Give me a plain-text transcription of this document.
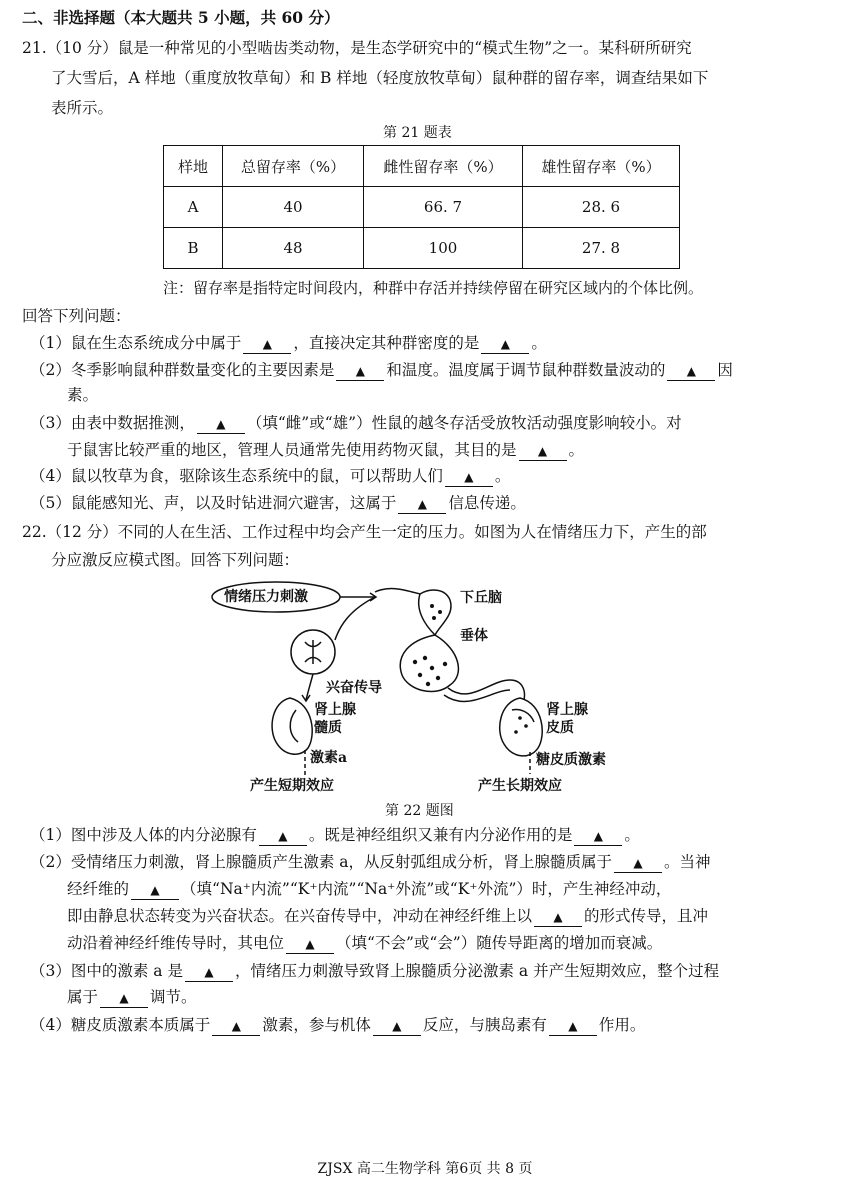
二、非选择题（本大题共 5 小题，共 60 分）
21.（10 分）鼠是一种常见的小型啮齿类动物，是生态学研究中的“模式生物”之一。某科研所研究
了大雪后，A 样地（重度放牧草甸）和 B 样地（轻度放牧草甸）鼠种群的留存率，调查结果如下
表所示。
第 21 题表
样地	总留存率（%）	雌性留存率（%）	雄性留存率（%）
A	40	66. 7	28. 6
B	48	100	27. 8
注：留存率是指特定时间段内，种群中存活并持续停留在研究区域内的个体比例。
回答下列问题：
（1）鼠在生态系统成分中属于 ▲ ，直接决定其种群密度的是 ▲ 。
（2）冬季影响鼠种群数量变化的主要因素是 ▲ 和温度。温度属于调节鼠种群数量波动的 ▲ 因
素。
（3）由表中数据推测， ▲ （填“雌”或“雄”）性鼠的越冬存活受放牧活动强度影响较小。对
于鼠害比较严重的地区，管理人员通常先使用药物灭鼠，其目的是 ▲ 。
（4）鼠以牧草为食，驱除该生态系统中的鼠，可以帮助人们 ▲ 。
（5）鼠能感知光、声，以及时钻进洞穴避害，这属于 ▲ 信息传递。
22.（12 分）不同的人在生活、工作过程中均会产生一定的压力。如图为人在情绪压力下，产生的部
分应激反应模式图。回答下列问题：
情绪压力刺激	下丘脑
垂体
兴奋传导
肾上腺
髓质
肾上腺
皮质
激素a	糖皮质激素
产生短期效应	产生长期效应
第 22 题图
（1）图中涉及人体的内分泌腺有 ▲ 。既是神经组织又兼有内分泌作用的是 ▲ 。
（2）受情绪压力刺激，肾上腺髓质产生激素 a，从反射弧组成分析，肾上腺髓质属于 ▲ 。当神
经纤维的 ▲ （填“Na⁺内流”“K⁺内流”“Na⁺外流”或“K⁺外流”）时，产生神经冲动，
即由静息状态转变为兴奋状态。在兴奋传导中，冲动在神经纤维上以 ▲ 的形式传导，且冲
动沿着神经纤维传导时，其电位 ▲ （填“不会”或“会”）随传导距离的增加而衰减。
（3）图中的激素 a 是 ▲ ，情绪压力刺激导致肾上腺髓质分泌激素 a 并产生短期效应，整个过程
属于 ▲ 调节。
（4）糖皮质激素本质属于 ▲ 激素，参与机体 ▲ 反应，与胰岛素有 ▲ 作用。
ZJSX 高二生物学科 第6页 共 8 页
